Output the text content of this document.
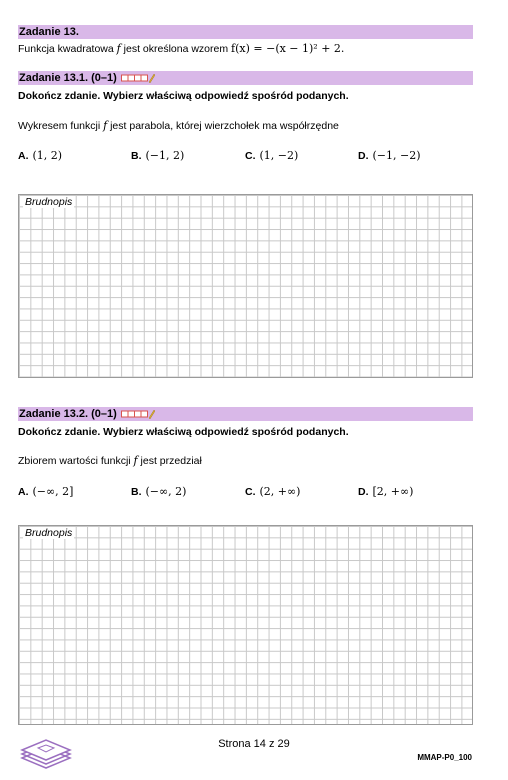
Zadanie 13.
Funkcja kwadratowa f jest określona wzorem f(x) = −(x − 1)² + 2.
Zadanie 13.1. (0–1)
Dokończ zdanie. Wybierz właściwą odpowiedź spośród podanych.
Wykresem funkcji f jest parabola, której wierzchołek ma współrzędne
A. (1, 2)	B. (−1, 2)	C. (1, −2)	D. (−1, −2)
Brudnopis
Zadanie 13.2. (0–1)
Dokończ zdanie. Wybierz właściwą odpowiedź spośród podanych.
Zbiorem wartości funkcji f jest przedział
A. (−∞, 2]	B. (−∞, 2)	C. (2, +∞)	D. [2, +∞)
Brudnopis
Strona 14 z 29
MMAP-P0_100
